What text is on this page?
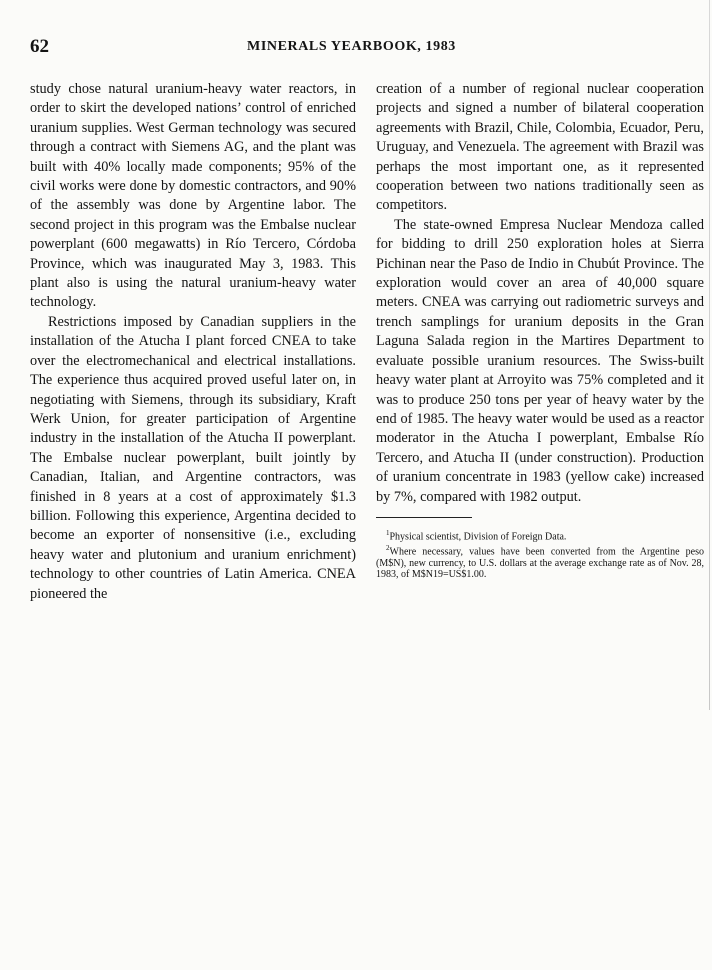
62	MINERALS YEARBOOK, 1983

study chose natural uranium-heavy water reactors, in order to skirt the developed nations’ control of enriched uranium supplies. West German technology was secured through a contract with Siemens AG, and the plant was built with 40% locally made components; 95% of the civil works were done by domestic contractors, and 90% of the assembly was done by Argentine labor. The second project in this program was the Embalse nuclear powerplant (600 megawatts) in Río Tercero, Córdoba Province, which was inaugurated May 3, 1983. This plant also is using the natural uranium-heavy water technology.

Restrictions imposed by Canadian suppliers in the installation of the Atucha I plant forced CNEA to take over the electromechanical and electrical installations. The experience thus acquired proved useful later on, in negotiating with Siemens, through its subsidiary, Kraft Werk Union, for greater participation of Argentine industry in the installation of the Atucha II powerplant. The Embalse nuclear powerplant, built jointly by Canadian, Italian, and Argentine contractors, was finished in 8 years at a cost of approximately $1.3 billion. Following this experience, Argentina decided to become an exporter of nonsensitive (i.e., excluding heavy water and plutonium and uranium enrichment) technology to other countries of Latin America. CNEA pioneered the

creation of a number of regional nuclear cooperation projects and signed a number of bilateral cooperation agreements with Brazil, Chile, Colombia, Ecuador, Peru, Uruguay, and Venezuela. The agreement with Brazil was perhaps the most important one, as it represented cooperation between two nations traditionally seen as competitors.

The state-owned Empresa Nuclear Mendoza called for bidding to drill 250 exploration holes at Sierra Pichinan near the Paso de Indio in Chubút Province. The exploration would cover an area of 40,000 square meters. CNEA was carrying out radiometric surveys and trench samplings for uranium deposits in the Gran Laguna Salada region in the Martires Department to evaluate possible uranium resources. The Swiss-built heavy water plant at Arroyito was 75% completed and it was to produce 250 tons per year of heavy water by the end of 1985. The heavy water would be used as a reactor moderator in the Atucha I powerplant, Embalse Río Tercero, and Atucha II (under construction). Production of uranium concentrate in 1983 (yellow cake) increased by 7%, compared with 1982 output.

$^1$Physical scientist, Division of Foreign Data.

$^2$Where necessary, values have been converted from the Argentine peso (M$N), new currency, to U.S. dollars at the average exchange rate as of Nov. 28, 1983, of M$N19=US$1.00.
